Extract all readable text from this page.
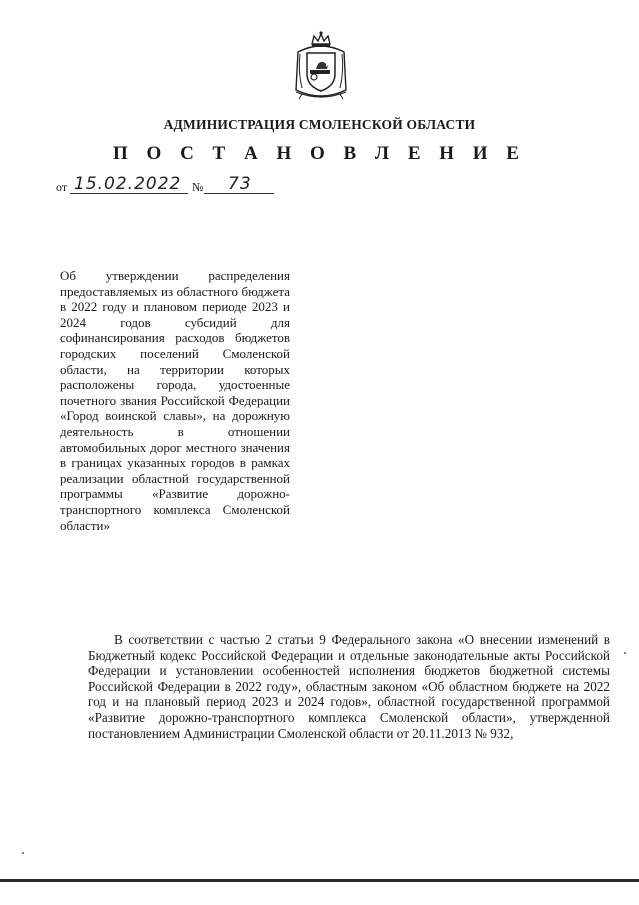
АДМИНИСТРАЦИЯ СМОЛЕНСКОЙ ОБЛАСТИ
П О С Т А Н О В Л Е Н И Е
от 15.02.2022 № 73
Об утверждении распределения предоставляемых из областного бюджета в 2022 году и плановом периоде 2023 и 2024 годов субсидий для софинансирования расходов бюджетов городских поселений Смоленской области, на территории которых расположены города, удостоенные почетного звания Российской Федерации «Город воинской славы», на дорожную деятельность в отношении автомобильных дорог местного значения в границах указанных городов в рамках реализации областной государственной программы «Развитие дорожно-транспортного комплекса Смоленской области»
В соответствии с частью 2 статьи 9 Федерального закона «О внесении изменений в Бюджетный кодекс Российской Федерации и отдельные законодательные акты Российской Федерации и установлении особенностей исполнения бюджетов бюджетной системы Российской Федерации в 2022 году», областным законом «Об областном бюджете на 2022 год и на плановый период 2023 и 2024 годов», областной государственной программой «Развитие дорожно-транспортного комплекса Смоленской области», утвержденной постановлением Администрации Смоленской области от 20.11.2013 № 932,
